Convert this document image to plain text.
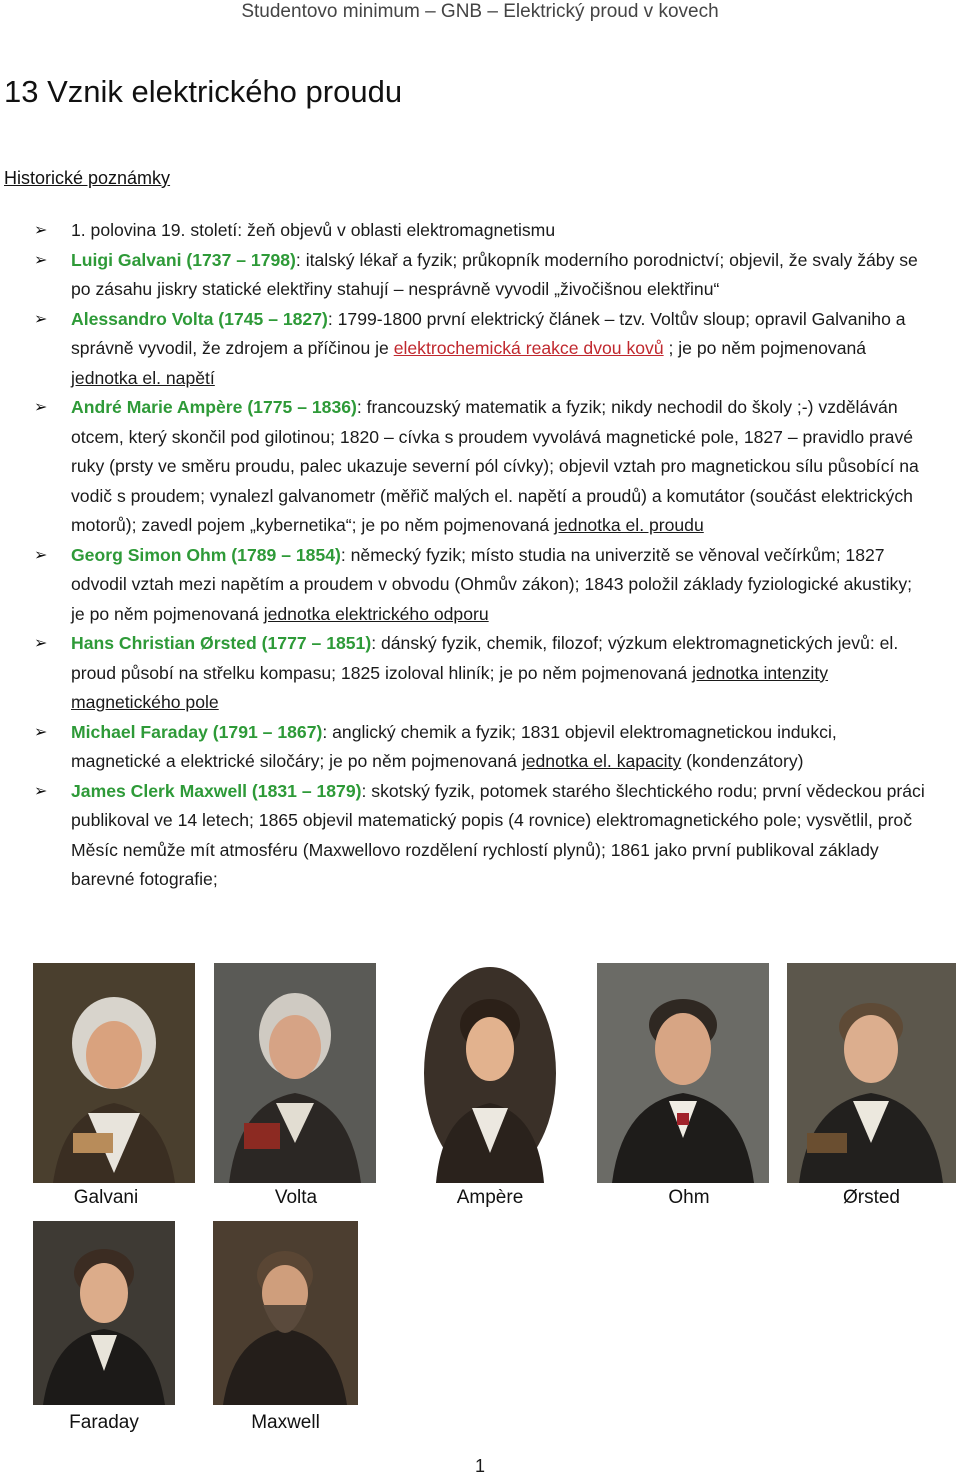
Studentovo minimum – GNB – Elektrický proud v kovech
13 Vznik elektrického proudu
Historické poznámky
➢ 1. polovina 19. století: žeň objevů v oblasti elektromagnetismu
➢ Luigi Galvani (1737 – 1798): italský lékař a fyzik; průkopník moderního porodnictví; objevil, že svaly žáby se po zásahu jiskry statické elektřiny stahují – nesprávně vyvodil „živočišnou elektřinu“
➢ Alessandro Volta (1745 – 1827): 1799-1800 první elektrický článek – tzv. Voltův sloup; opravil Galvaniho a správně vyvodil, že zdrojem a příčinou je elektrochemická reakce dvou kovů ; je po něm pojmenovaná jednotka el. napětí
➢ André Marie Ampère (1775 – 1836): francouzský matematik a fyzik; nikdy nechodil do školy ;-) vzděláván otcem, který skončil pod gilotinou; 1820 – cívka s proudem vyvolává magnetické pole, 1827 – pravidlo pravé ruky (prsty ve směru proudu, palec ukazuje severní pól cívky); objevil vztah pro magnetickou sílu působící na vodič s proudem; vynalezl galvanometr (měřič malých el. napětí a proudů) a komutátor (součást elektrických motorů); zavedl pojem „kybernetika“; je po něm pojmenovaná jednotka el. proudu
➢ Georg Simon Ohm (1789 – 1854): německý fyzik; místo studia na univerzitě se věnoval večírkům; 1827 odvodil vztah mezi napětím a proudem v obvodu (Ohmův zákon); 1843 položil základy fyziologické akustiky; je po něm pojmenovaná jednotka elektrického odporu
➢ Hans Christian Ørsted (1777 – 1851): dánský fyzik, chemik, filozof; výzkum elektromagnetických jevů: el. proud působí na střelku kompasu; 1825 izoloval hliník; je po něm pojmenovaná jednotka intenzity magnetického pole
➢ Michael Faraday (1791 – 1867): anglický chemik a fyzik; 1831 objevil elektromagnetickou indukci, magnetické a elektrické siločáry; je po něm pojmenovaná jednotka el. kapacity (kondenzátory)
➢ James Clerk Maxwell (1831 – 1879): skotský fyzik, potomek starého šlechtického rodu; první vědeckou práci publikoval ve 14 letech; 1865 objevil matematický popis (4 rovnice) elektromagnetického pole; vysvětlil, proč Měsíc nemůže mít atmosféru (Maxwellovo rozdělení rychlostí plynů); 1861 jako první publikoval základy barevné fotografie;
Galvani	Volta	Ampère	Ohm	Ørsted
Faraday	Maxwell
1
